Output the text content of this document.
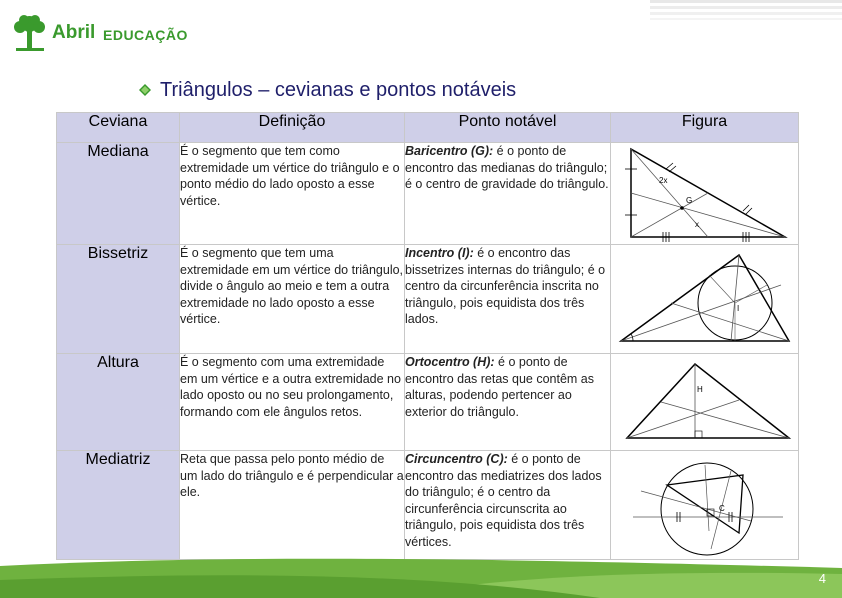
Abril EDUCAÇÃO
Triângulos – cevianas e pontos notáveis
Ceviana	Definição	Ponto notável	Figura
Mediana	É o segmento que tem como extremidade um vértice do triângulo e o ponto médio do lado oposto a esse vértice.	Baricentro (G): é o ponto de encontro das medianas do triângulo; é o centro de gravidade do triângulo.	2x
G
x

Bissetriz	É o segmento que tem uma extremidade em um vértice do triângulo, divide o ângulo ao meio e tem a outra extremidade no lado oposto a esse vértice.	Incentro (I): é o encontro das bissetrizes internas do triângulo; é o centro da circunferência inscrita no triângulo, pois equidista dos três lados.	I

Altura	É o segmento com uma extremidade em um vértice e a outra extremidade no lado oposto ou no seu prolongamento, formando com ele ângulos retos.	Ortocentro (H): é o ponto de encontro das retas que contêm as alturas, podendo pertencer ao exterior do triângulo.	H

Mediatriz	Reta que passa pelo ponto médio de um lado do triângulo e é perpendicular a ele.	Circuncentro (C): é o ponto de encontro das mediatrizes dos lados do triângulo; é o centro da circunferência circunscrita ao triângulo, pois equidista dos três vértices.	C
4
